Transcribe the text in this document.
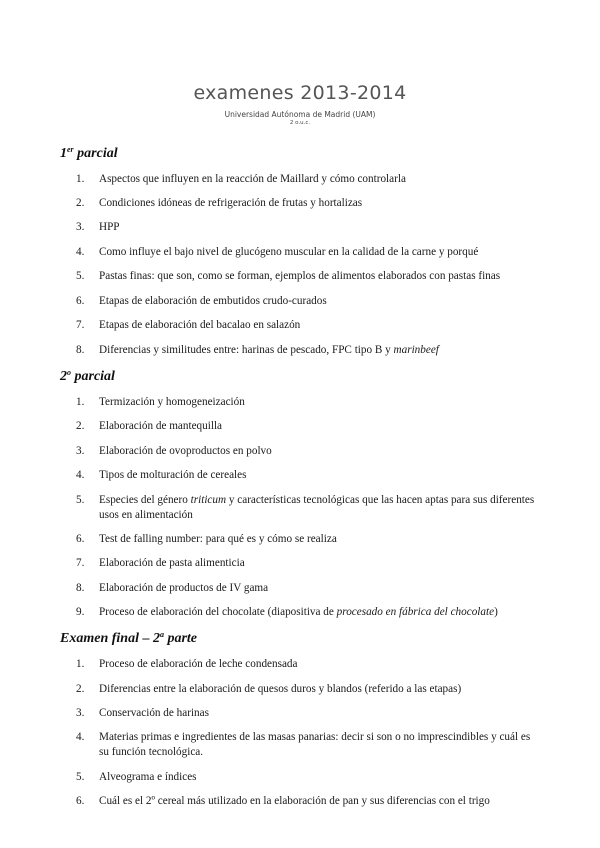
examenes 2013-2014
Universidad Autónoma de Madrid (UAM)
2 o.u.c.
1er parcial
1.	Aspectos que influyen en la reacción de Maillard y cómo controlarla
2.	Condiciones idóneas de refrigeración de frutas y hortalizas
3.	HPP
4.	Como influye el bajo nivel de glucógeno muscular en la calidad de la carne y porqué
5.	Pastas finas: que son, como se forman, ejemplos de alimentos elaborados con pastas finas
6.	Etapas de elaboración de embutidos crudo-curados
7.	Etapas de elaboración del bacalao en salazón
8.	Diferencias y similitudes entre: harinas de pescado, FPC tipo B y marinbeef
2$^o$ parcial
1.	Termización y homogeneización
2.	Elaboración de mantequilla
3.	Elaboración de ovoproductos en polvo
4.	Tipos de molturación de cereales
5.	Especies del género triticum y características tecnológicas que las hacen aptas para sus diferentes usos en alimentación
6.	Test de falling number: para qué es y cómo se realiza
7.	Elaboración de pasta alimenticia
8.	Elaboración de productos de IV gama
9.	Proceso de elaboración del chocolate (diapositiva de procesado en fábrica del chocolate)
Examen final – 2$^a$ parte
1.	Proceso de elaboración de leche condensada
2.	Diferencias entre la elaboración de quesos duros y blandos (referido a las etapas)
3.	Conservación de harinas
4.	Materias primas e ingredientes de las masas panarias: decir si son o no imprescindibles y cuál es su función tecnológica.
5.	Alveograma e índices
6.	Cuál es el 2º cereal más utilizado en la elaboración de pan y sus diferencias con el trigo
